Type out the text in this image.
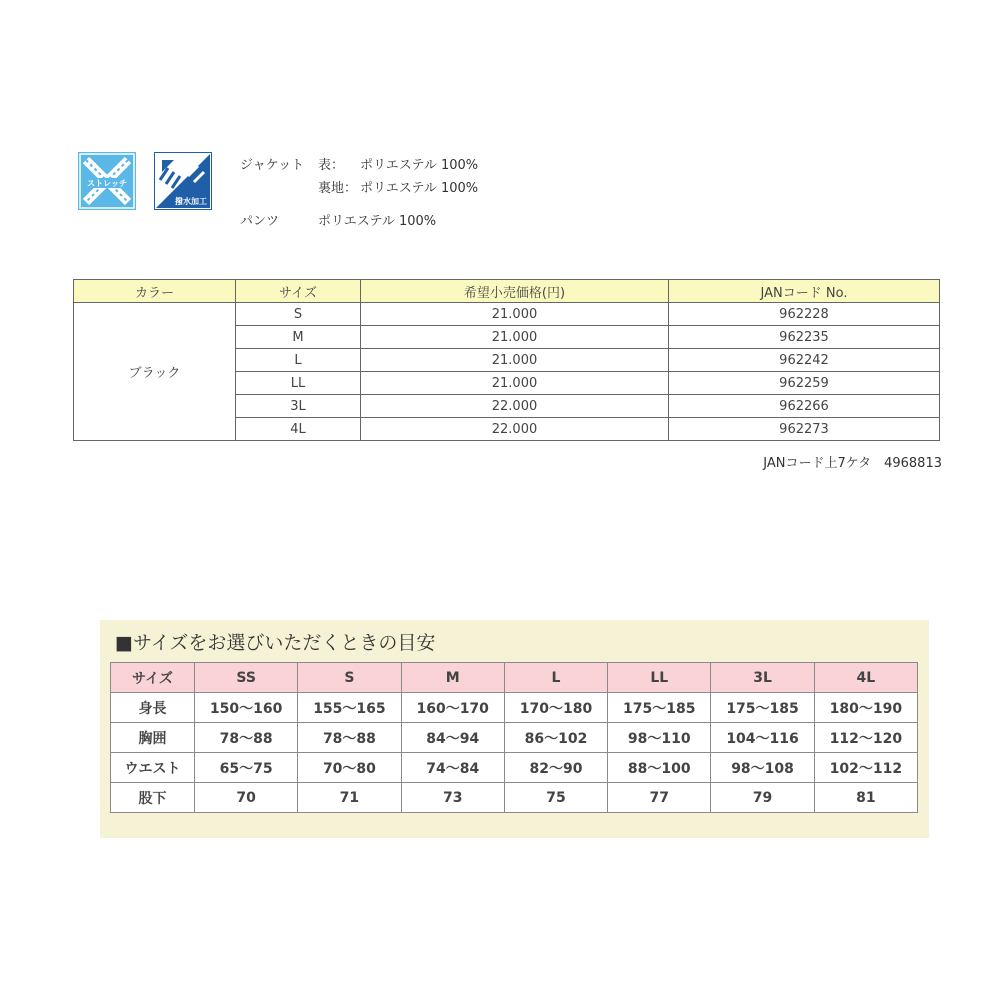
ストレッチ
撥水加工
ジャケット 表： ポリエステル 100%
裏地： ポリエステル 100%
パンツ	ポリエステル 100%
カラー	サイズ	希望小売価格(円)	JANコード No.
ブラック	S	21.000	962228
	M	21.000	962235
	L	21.000	962242
	LL	21.000	962259
	3L	22.000	962266
	4L	22.000	962273
JANコード上7ケタ　4968813
■サイズをお選びいただくときの目安
サイズ	SS	S	M	L	LL	3L	4L
身長	150〜160	155〜165	160〜170	170〜180	175〜185	175〜185	180〜190
胸囲	78〜88	78〜88	84〜94	86〜102	98〜110	104〜116	112〜120
ウエスト	65〜75	70〜80	74〜84	82〜90	88〜100	98〜108	102〜112
股下	70	71	73	75	77	79	81
